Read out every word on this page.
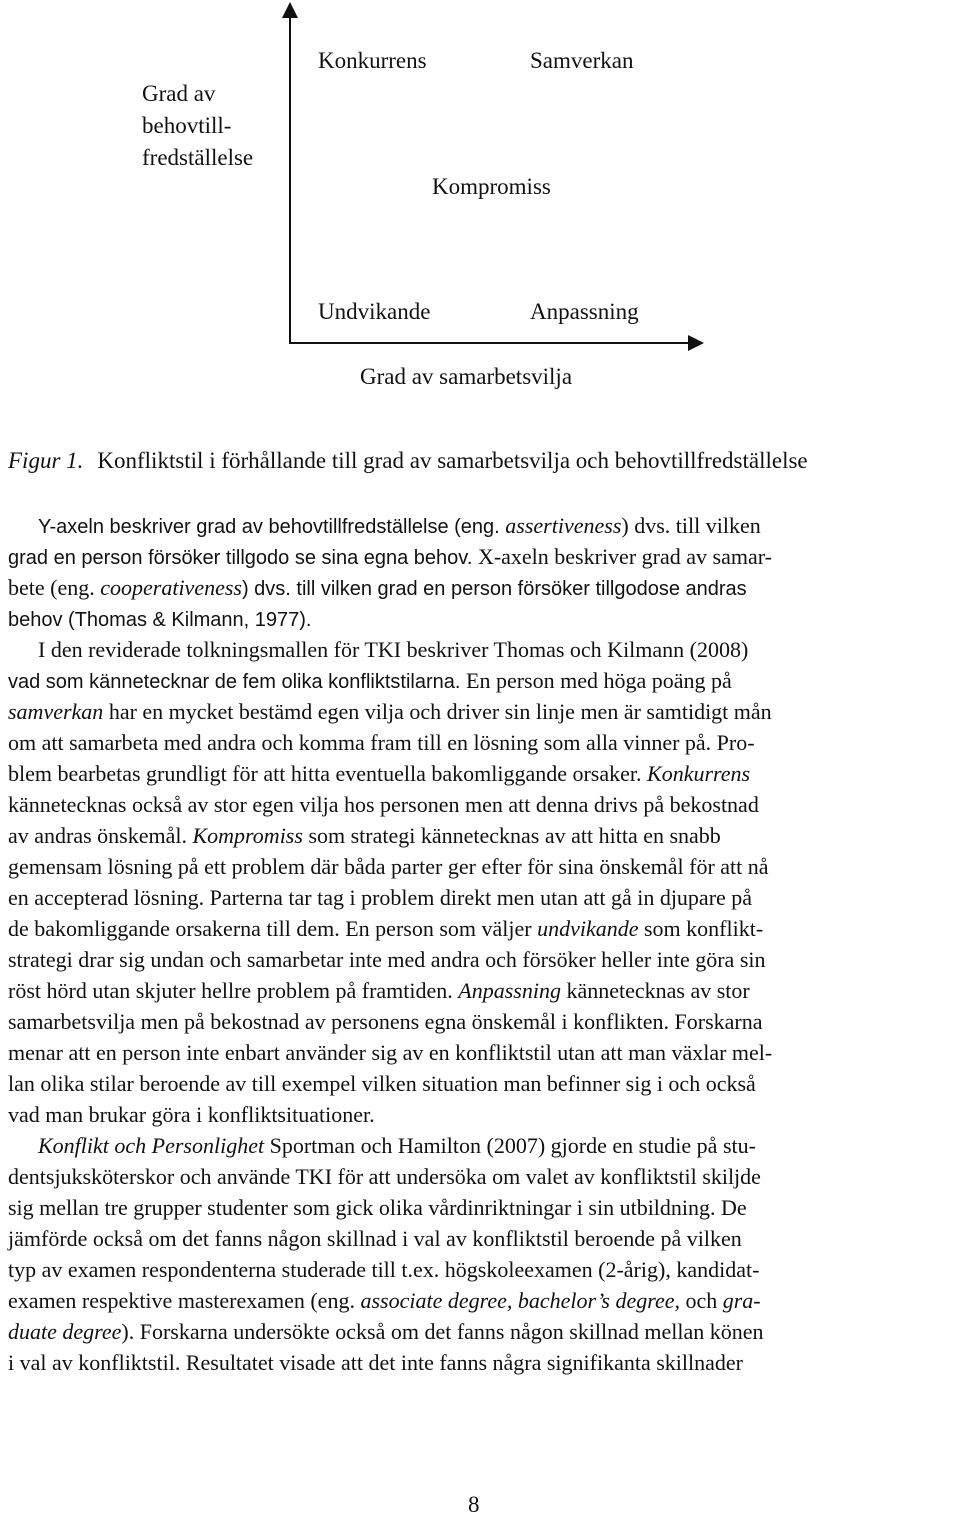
Grad av
behovtill-
fredställelse
Konkurrens	Samverkan
Kompromiss
Undvikande	Anpassning
Grad av samarbetsvilja
Figur 1. Konfliktstil i förhållande till grad av samarbetsvilja och behovtillfredställelse
Y-axeln beskriver grad av behovtillfredställelse (eng. assertiveness) dvs. till vilken
grad en person försöker tillgodo se sina egna behov. X-axeln beskriver grad av samar-
bete (eng. cooperativeness) dvs. till vilken grad en person försöker tillgodose andras
behov (Thomas & Kilmann, 1977).
I den reviderade tolkningsmallen för TKI beskriver Thomas och Kilmann (2008)
vad som kännetecknar de fem olika konfliktstilarna. En person med höga poäng på
samverkan har en mycket bestämd egen vilja och driver sin linje men är samtidigt mån
om att samarbeta med andra och komma fram till en lösning som alla vinner på. Pro-
blem bearbetas grundligt för att hitta eventuella bakomliggande orsaker. Konkurrens
kännetecknas också av stor egen vilja hos personen men att denna drivs på bekostnad
av andras önskemål. Kompromiss som strategi kännetecknas av att hitta en snabb
gemensam lösning på ett problem där båda parter ger efter för sina önskemål för att nå
en accepterad lösning. Parterna tar tag i problem direkt men utan att gå in djupare på
de bakomliggande orsakerna till dem. En person som väljer undvikande som konflikt-
strategi drar sig undan och samarbetar inte med andra och försöker heller inte göra sin
röst hörd utan skjuter hellre problem på framtiden. Anpassning kännetecknas av stor
samarbetsvilja men på bekostnad av personens egna önskemål i konflikten. Forskarna
menar att en person inte enbart använder sig av en konfliktstil utan att man växlar mel-
lan olika stilar beroende av till exempel vilken situation man befinner sig i och också
vad man brukar göra i konfliktsituationer.
Konflikt och Personlighet Sportman och Hamilton (2007) gjorde en studie på stu-
dentsjuksköterskor och använde TKI för att undersöka om valet av konfliktstil skiljde
sig mellan tre grupper studenter som gick olika vårdinriktningar i sin utbildning. De
jämförde också om det fanns någon skillnad i val av konfliktstil beroende på vilken
typ av examen respondenterna studerade till t.ex. högskoleexamen (2-årig), kandidat-
examen respektive masterexamen (eng. associate degree, bachelor’s degree, och gra-
duate degree). Forskarna undersökte också om det fanns någon skillnad mellan könen
i val av konfliktstil. Resultatet visade att det inte fanns några signifikanta skillnader
8
